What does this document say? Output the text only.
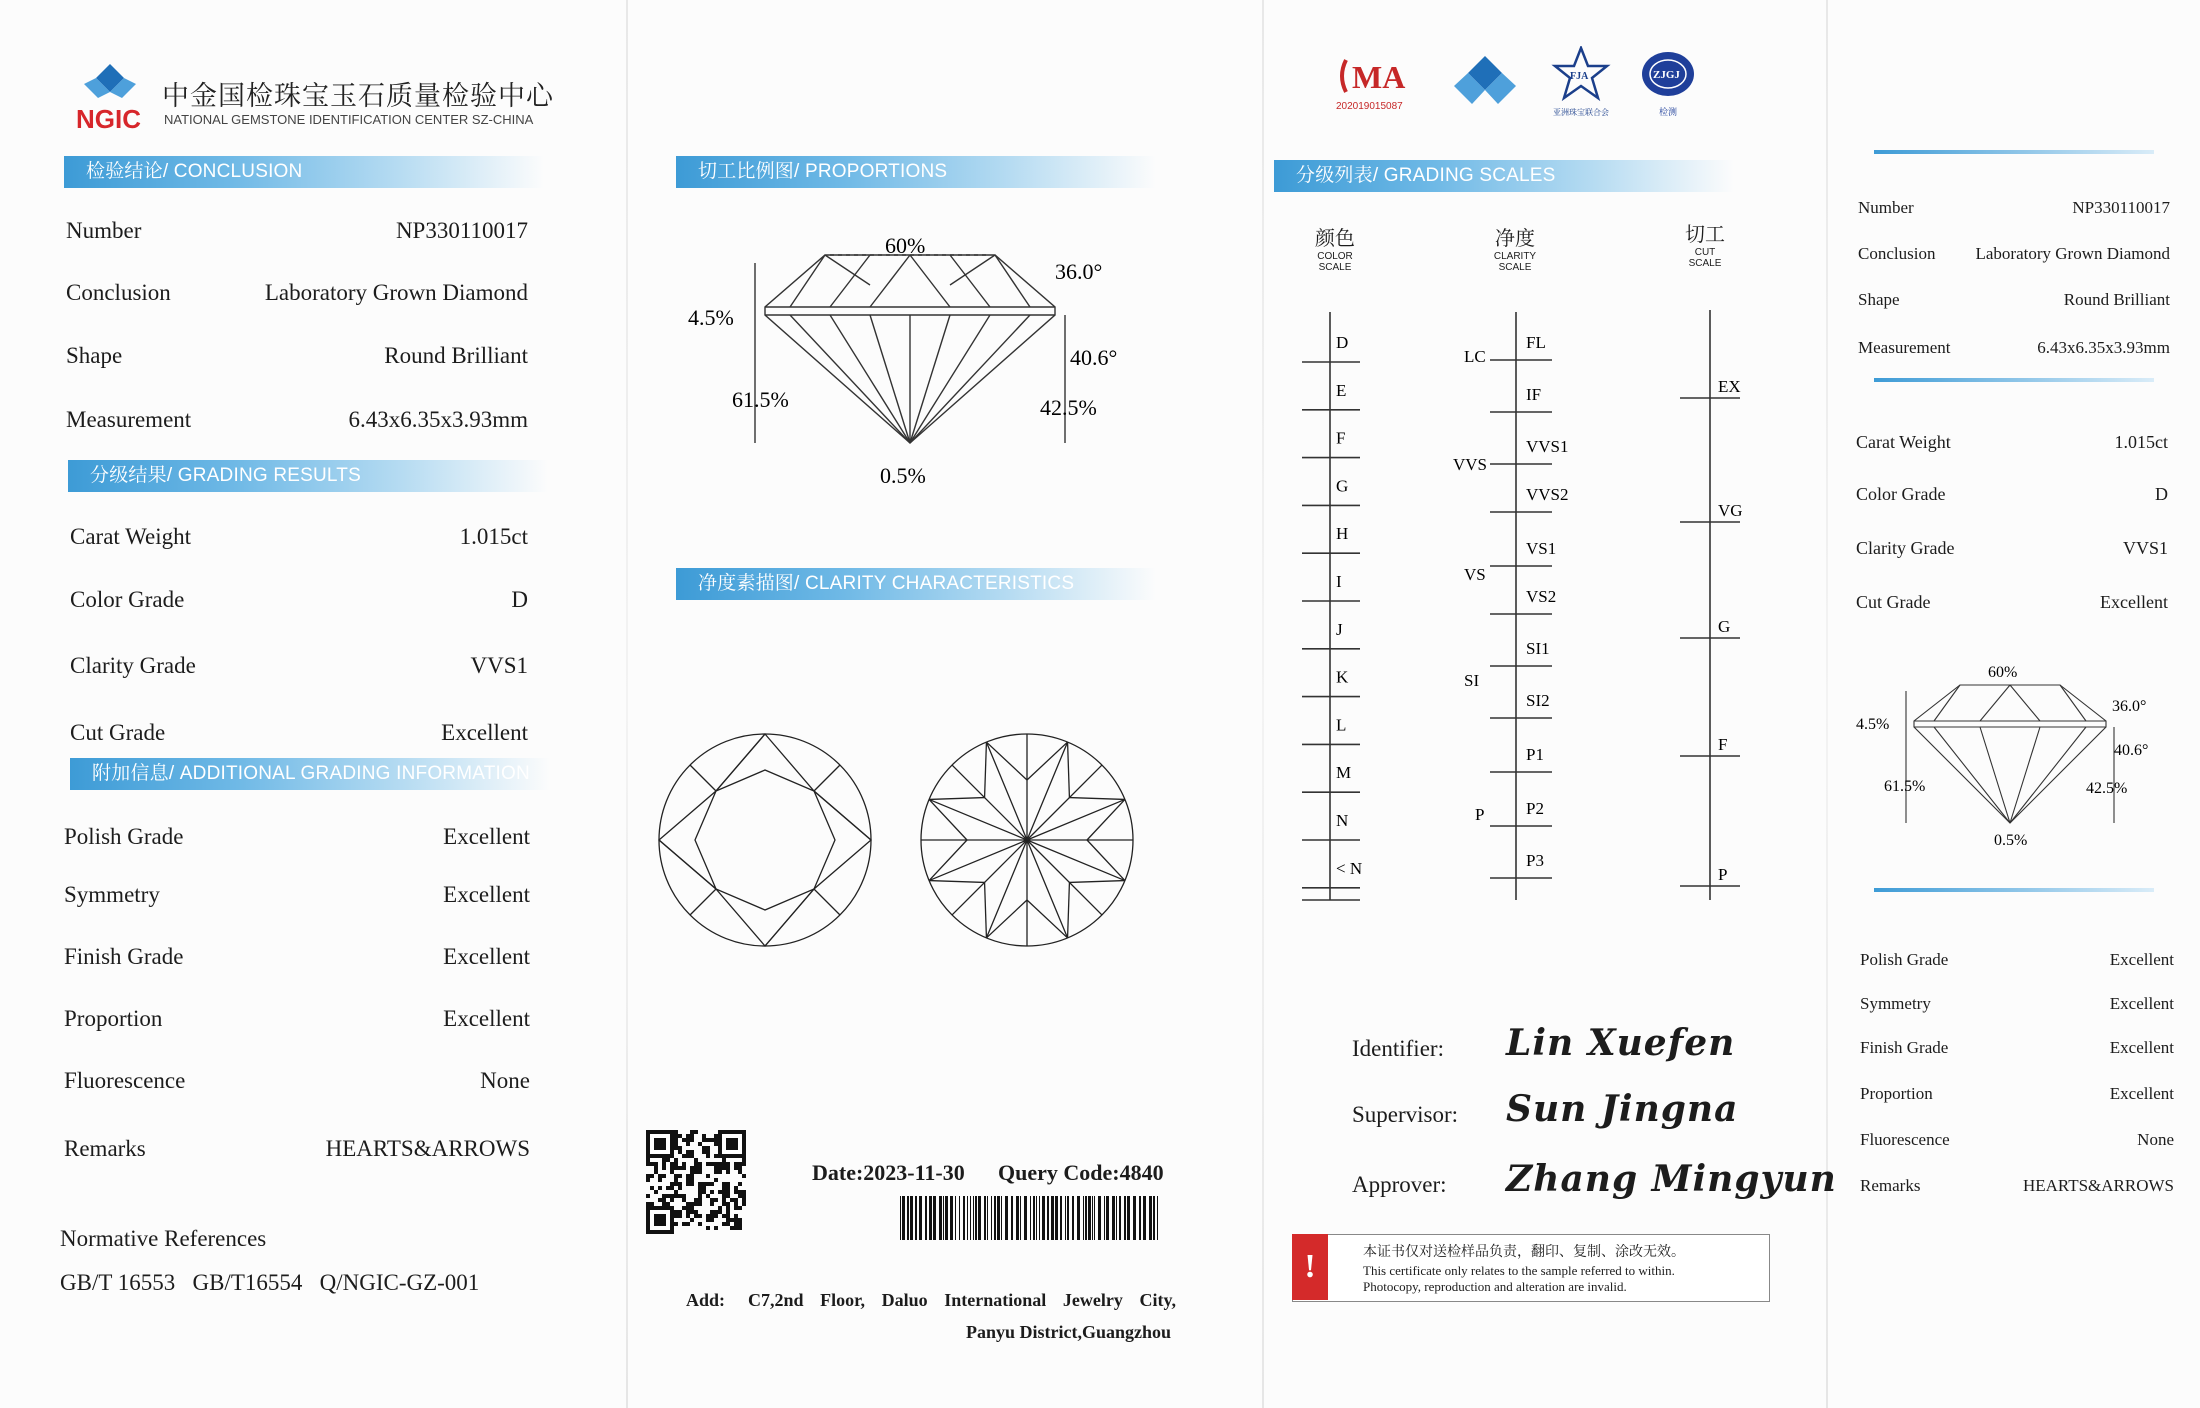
NGIC
中金国检珠宝玉石质量检验中心
NATIONAL GEMSTONE IDENTIFICATION CENTER SZ-CHINA
检验结论/ CONCLUSION
Number	NP330110017
Conclusion	Laboratory Grown Diamond
Shape	Round Brilliant
Measurement	6.43x6.35x3.93mm
分级结果/ GRADING RESULTS
Carat Weight	1.015ct
Color Grade	D
Clarity Grade	VVS1
Cut Grade	Excellent
附加信息/ ADDITIONAL GRADING INFORMATION
Polish Grade	Excellent
Symmetry	Excellent
Finish Grade	Excellent
Proportion	Excellent
Fluorescence	None
Remarks	HEARTS&ARROWS
Normative References
GB/T 16553   GB/T16554   Q/NGIC-GZ-001
切工比例图/ PROPORTIONS
60%
36.0°
4.5%
40.6°
61.5%	42.5%
0.5%
净度素描图/ CLARITY CHARACTERISTICS
Date:2023-11-30 Query Code:4840
Add: C7,2nd Floor, Daluo International Jewelry City,
Panyu District,Guangzhou
MA
202019015087
FJA
亚洲珠宝联合会
ZJGJ
检测
分级列表/ GRADING SCALES
颜色
COLOR
SCALE
净度
CLARITY
SCALE
切工
CUT
SCALE
D
E
F
G
H
I
J
K
L
M
N
< N
FL
IF
VVS1
VVS2
VS1
VS2
SI1
SI2
P1
P2
P3
LC
VVS
VS
SI
P
EX
VG
G
F
P
Identifier: Lin Xuefen
Supervisor: Sun Jingna
Approver: Zhang Mingyun
!	本证书仅对送检样品负责，翻印、复制、涂改无效。
This certificate only relates to the sample referred to within.
Photocopy, reproduction and alteration are invalid.
Number	NP330110017
Conclusion Laboratory Grown Diamond
Shape	Round Brilliant
Measurement	6.43x6.35x3.93mm
Carat Weight	1.015ct
Color Grade	D
Clarity Grade	VVS1
Cut Grade	Excellent
60%
36.0°
4.5%
40.6°
61.5%	42.5%
0.5%
Polish Grade	Excellent
Symmetry	Excellent
Finish Grade	Excellent
Proportion	Excellent
Fluorescence	None
Remarks	HEARTS&ARROWS
